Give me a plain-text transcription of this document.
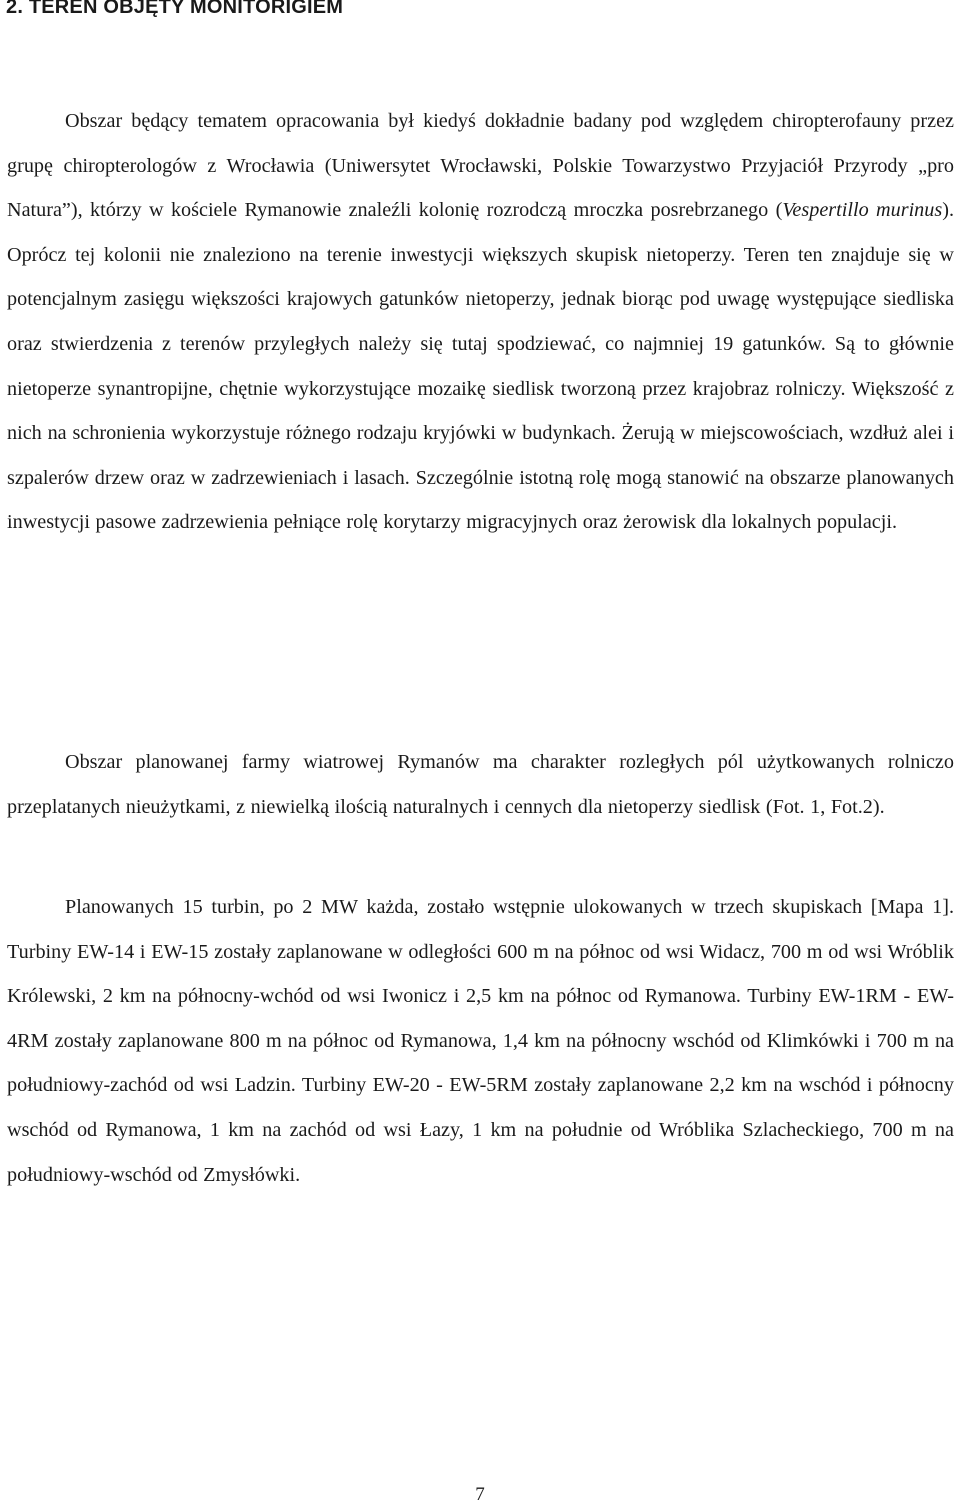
2. TEREN OBJĘTY MONITORIGIEM

Obszar będący tematem opracowania był kiedyś dokładnie badany pod względem chiropterofauny przez grupę chiropterologów z Wrocławia (Uniwersytet Wrocławski, Polskie Towarzystwo Przyjaciół Przyrody „pro Natura”), którzy w kościele Rymanowie znaleźli kolonię rozrodczą mroczka posrebrzanego (Vespertillo murinus). Oprócz tej kolonii nie znaleziono na terenie inwestycji większych skupisk nietoperzy. Teren ten znajduje się w potencjalnym zasięgu większości krajowych gatunków nietoperzy, jednak biorąc pod uwagę występujące siedliska oraz stwierdzenia z terenów przyległych należy się tutaj spodziewać, co najmniej 19 gatunków. Są to głównie nietoperze synantropijne, chętnie wykorzystujące mozaikę siedlisk tworzoną przez krajobraz rolniczy. Większość z nich na schronienia wykorzystuje różnego rodzaju kryjówki w budynkach. Żerują w miejscowościach, wzdłuż alei i szpalerów drzew oraz w zadrzewieniach i lasach. Szczególnie istotną rolę mogą stanowić na obszarze planowanych inwestycji pasowe zadrzewienia pełniące rolę korytarzy migracyjnych oraz żerowisk dla lokalnych populacji.

Obszar planowanej farmy wiatrowej Rymanów ma charakter rozległych pól użytkowanych rolniczo przeplatanych nieużytkami, z niewielką ilością naturalnych i cennych dla nietoperzy siedlisk (Fot. 1, Fot.2).

Planowanych 15 turbin, po 2 MW każda, zostało wstępnie ulokowanych w trzech skupiskach [Mapa 1]. Turbiny EW-14 i EW-15 zostały zaplanowane w odległości 600 m na północ od wsi Widacz, 700 m od wsi Wróblik Królewski, 2 km na północny-wchód od wsi Iwonicz i 2,5 km na północ od Rymanowa. Turbiny EW-1RM - EW-4RM zostały zaplanowane 800 m na północ od Rymanowa, 1,4 km na północny wschód od Klimkówki i 700 m na południowy-zachód od wsi Ladzin. Turbiny EW-20 - EW-5RM zostały zaplanowane 2,2 km na wschód i północny wschód od Rymanowa, 1 km na zachód od wsi Łazy, 1 km na południe od Wróblika Szlacheckiego, 700 m na południowy-wschód od Zmysłówki.

7
